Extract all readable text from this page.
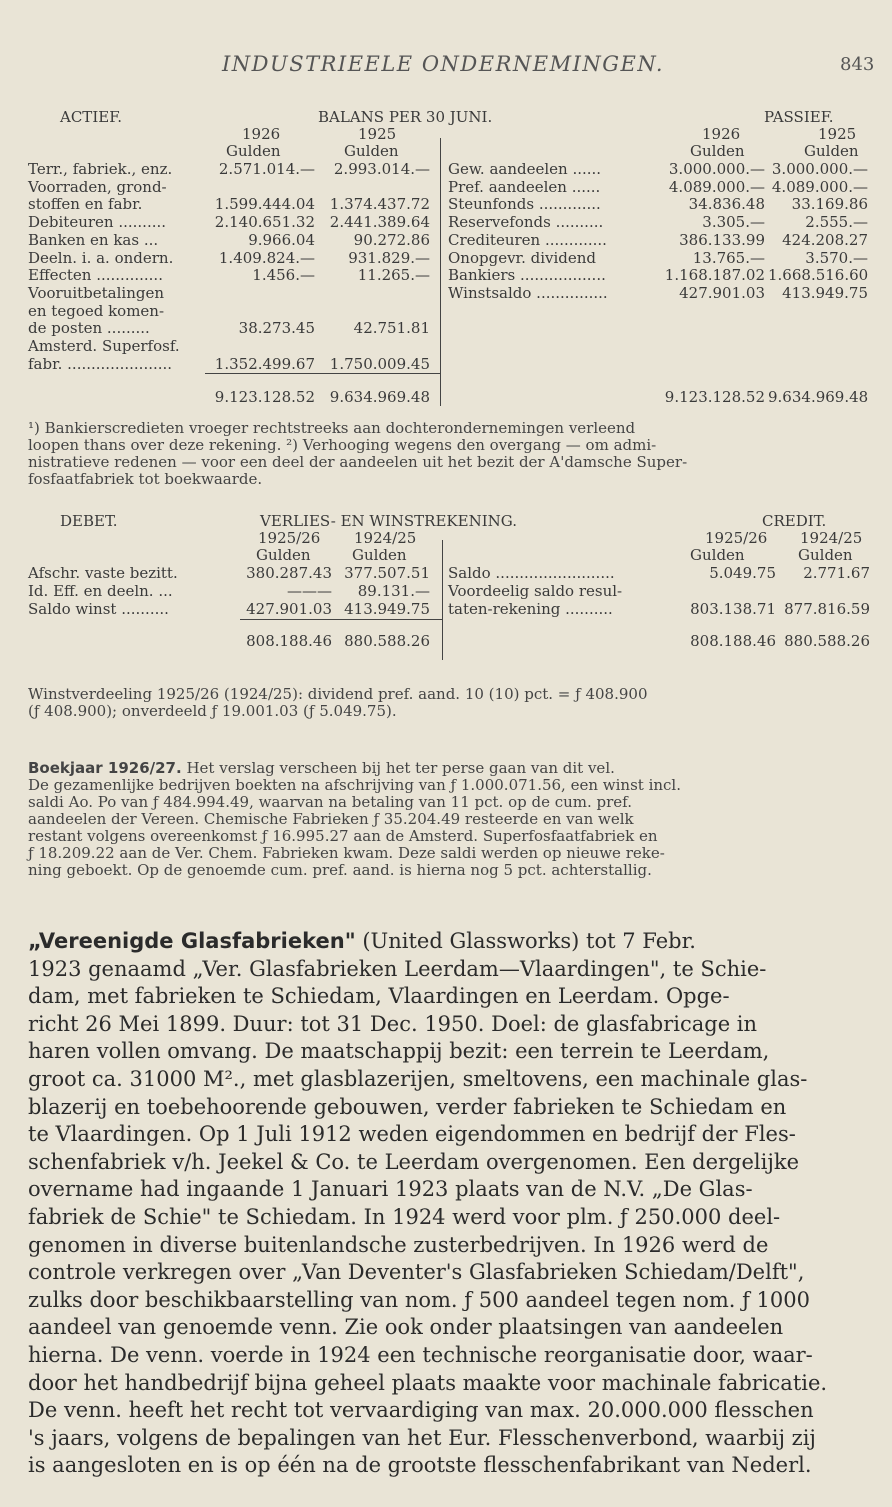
INDUSTRIEELE ONDERNEMINGEN.	843
ACTIEF.	BALANS PER 30 JUNI.	PASSIEF.
1926	1925	1926	1925
Gulden	Gulden	Gulden	Gulden
Terr., fabriek., enz.	2.571.014.—	2.993.014.—
Voorraden, grond-
stoffen en fabr.	1.599.444.04 1.374.437.72
Debiteuren ..........	2.140.651.32 2.441.389.64
Banken en kas ...	9.966.04	90.272.86
Deeln. i. a. ondern.	1.409.824.—	931.829.—
Effecten ..............	1.456.—	11.265.—
Vooruitbetalingen
en tegoed komen-
de posten .........	38.273.45	42.751.81
Amsterd. Superfosf.
fabr. ......................	1.352.499.67 1.750.009.45
Gew. aandeelen ......	3.000.000.— 3.000.000.—
Pref. aandeelen ......	4.089.000.— 4.089.000.—
Steunfonds .............	34.836.48	33.169.86
Reservefonds ..........	3.305.—	2.555.—
Crediteuren .............	386.133.99	424.208.27
Onopgevr. dividend	13.765.—	3.570.—
Bankiers ..................	1.168.187.02 1.668.516.60
Winstsaldo ...............	427.901.03	413.949.75
9.123.128.52 9.634.969.48	9.123.128.52 9.634.969.48

¹) Bankierscredieten vroeger rechtstreeks aan dochterondernemingen verleend

loopen thans over deze rekening. ²) Verhooging wegens den overgang — om admi-

nistratieve redenen — voor een deel der aandeelen uit het bezit der A'damsche Super-

fosfaatfabriek tot boekwaarde.

DEBET.	VERLIES- EN WINSTREKENING.	CREDIT.
1925/26 1924/25	1925/26 1924/25
Gulden	Gulden	Gulden	Gulden
Afschr. vaste bezitt.	380.287.43 377.507.51
Id. Eff. en deeln. ...	———	89.131.—
Saldo winst ..........	427.901.03 413.949.75
Saldo .........................	5.049.75	2.771.67
Voordeelig saldo resul-
taten-rekening ..........	803.138.71 877.816.59
808.188.46 880.588.26	808.188.46 880.588.26

Winstverdeeling 1925/26 (1924/25): dividend pref. aand. 10 (10) pct. = ƒ 408.900

(ƒ 408.900); onverdeeld ƒ 19.001.03 (ƒ 5.049.75).

Boekjaar 1926/27. Het verslag verscheen bij het ter perse gaan van dit vel.

De gezamenlijke bedrijven boekten na afschrijving van ƒ 1.000.071.56, een winst incl.

saldi Ao. Po van ƒ 484.994.49, waarvan na betaling van 11 pct. op de cum. pref.

aandeelen der Vereen. Chemische Fabrieken ƒ 35.204.49 resteerde en van welk

restant volgens overeenkomst ƒ 16.995.27 aan de Amsterd. Superfosfaatfabriek en

ƒ 18.209.22 aan de Ver. Chem. Fabrieken kwam. Deze saldi werden op nieuwe reke-

ning geboekt. Op de genoemde cum. pref. aand. is hierna nog 5 pct. achterstallig.

„Vereenigde Glasfabrieken" (United Glassworks) tot 7 Febr.

1923 genaamd „Ver. Glasfabrieken Leerdam—Vlaardingen", te Schie-

dam, met fabrieken te Schiedam, Vlaardingen en Leerdam. Opge-

richt 26 Mei 1899. Duur: tot 31 Dec. 1950. Doel: de glasfabricage in

haren vollen omvang. De maatschappij bezit: een terrein te Leerdam,

groot ca. 31000 M²., met glasblazerijen, smeltovens, een machinale glas-

blazerij en toebehoorende gebouwen, verder fabrieken te Schiedam en

te Vlaardingen. Op 1 Juli 1912 weden eigendommen en bedrijf der Fles-

schenfabriek v/h. Jeekel & Co. te Leerdam overgenomen. Een dergelijke

overname had ingaande 1 Januari 1923 plaats van de N.V. „De Glas-

fabriek de Schie" te Schiedam. In 1924 werd voor plm. ƒ 250.000 deel-

genomen in diverse buitenlandsche zusterbedrijven. In 1926 werd de

controle verkregen over „Van Deventer's Glasfabrieken Schiedam/Delft",

zulks door beschikbaarstelling van nom. ƒ 500 aandeel tegen nom. ƒ 1000

aandeel van genoemde venn. Zie ook onder plaatsingen van aandeelen

hierna. De venn. voerde in 1924 een technische reorganisatie door, waar-

door het handbedrijf bijna geheel plaats maakte voor machinale fabricatie.

De venn. heeft het recht tot vervaardiging van max. 20.000.000 flesschen

's jaars, volgens de bepalingen van het Eur. Flesschenverbond, waarbij zij

is aangesloten en is op één na de grootste flesschenfabrikant van Nederl.
